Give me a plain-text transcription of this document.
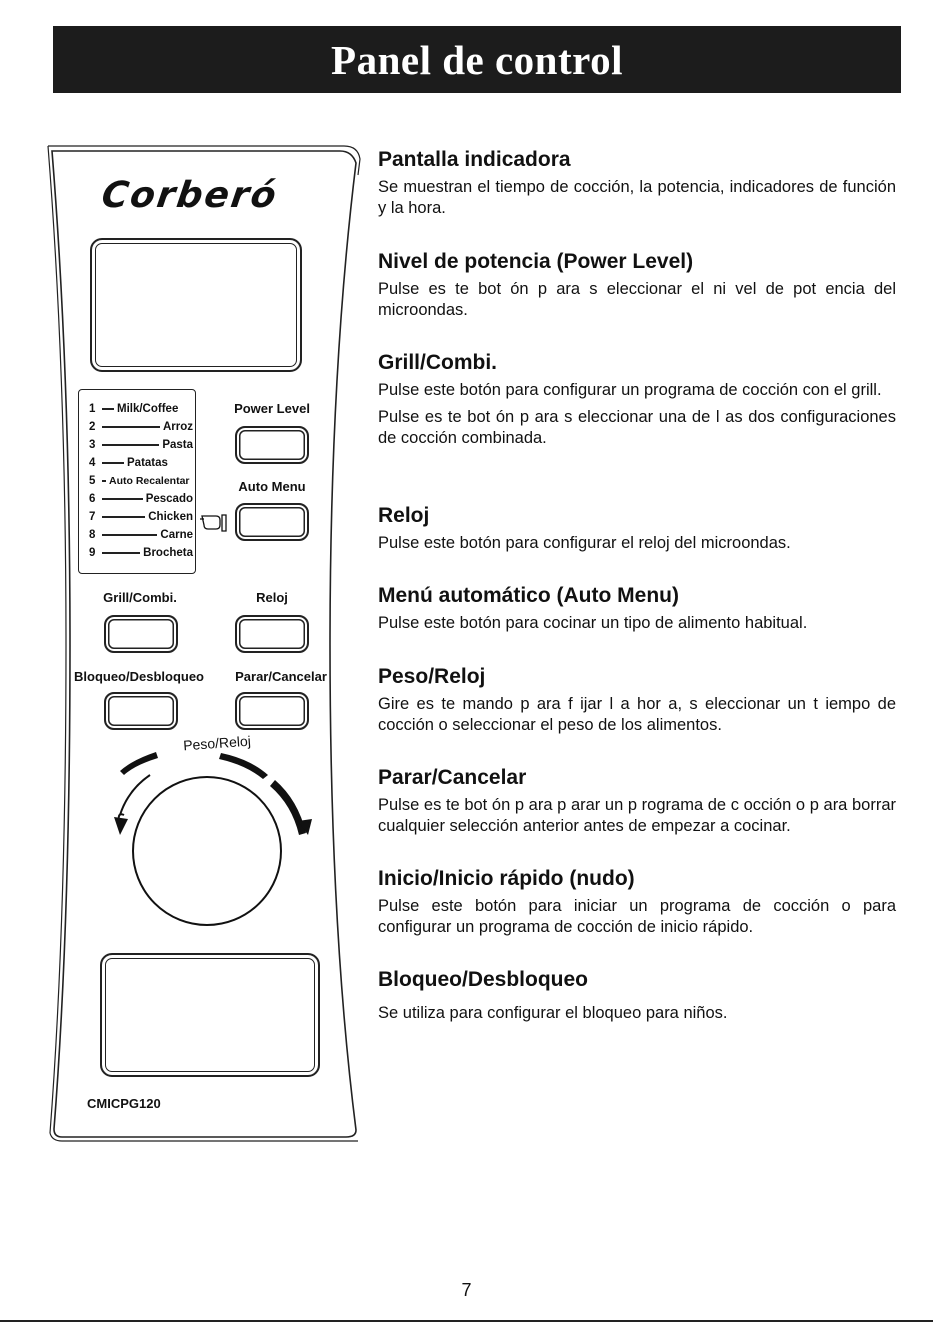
Panel de control
Corberó
1	Milk/Coffee
2	Arroz
3	Pasta
4	Patatas
5	Auto Recalentar
6	Pescado
7	Chicken
8	Carne
9	Brocheta
Power Level
Auto Menu
Grill/Combi.	Reloj
Bloqueo/Desbloqueo	Parar/Cancelar
Peso/Reloj
CMICPG120
Pantalla indicadora

Se muestran el tiempo de cocción, la potencia, indicadores de función y la hora.

Nivel de potencia (Power Level)

Pulse es te bot ón p ara s eleccionar el ni vel de pot encia del microondas.

Grill/Combi.

Pulse este botón para configurar un programa de cocción con el grill.

Pulse es te bot ón p ara s eleccionar una de l as dos configuraciones de cocción combinada.

Reloj

Pulse este botón para configurar el reloj del microondas.

Menú automático (Auto Menu)

Pulse este botón para cocinar un tipo de alimento habitual.

Peso/Reloj

Gire es te mando p ara f ijar l a hor a, s eleccionar un t iempo de cocción o seleccionar el peso de los alimentos.

Parar/Cancelar

Pulse es te bot ón p ara p arar un p rograma de c occión o p ara borrar cualquier selección anterior antes de empezar a cocinar.

Inicio/Inicio rápido (nudo)

Pulse este botón para iniciar un programa de cocción o para configurar un programa de cocción de inicio rápido.

Bloqueo/Desbloqueo

Se utiliza para configurar el bloqueo para niños.

7
